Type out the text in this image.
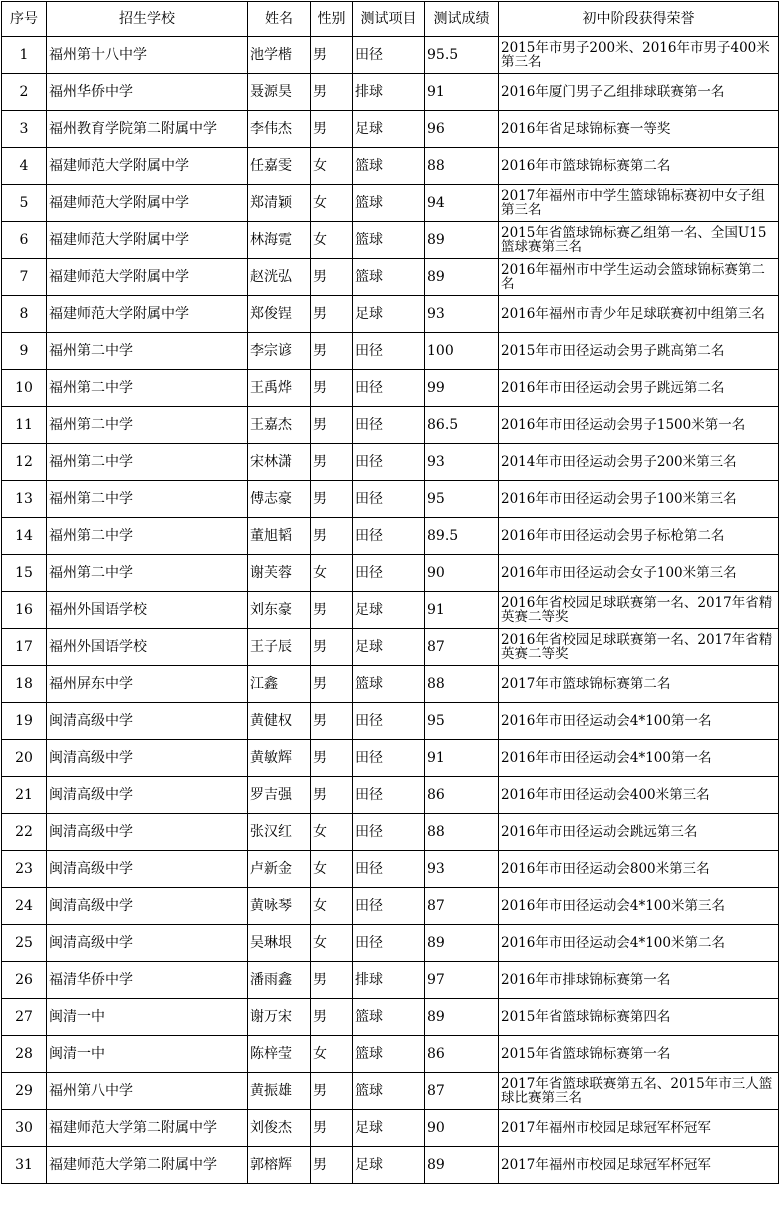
序号	招生学校	姓名	性别	测试项目	测试成绩	初中阶段获得荣誉
1	福州第十八中学	池学楷	男	田径	95.5	2015年市男子200米、2016年市男子400米第三名
2	福州华侨中学	聂源昊	男	排球	91	2016年厦门男子乙组排球联赛第一名
3	福州教育学院第二附属中学	李伟杰	男	足球	96	2016年省足球锦标赛一等奖
4	福建师范大学附属中学	任嘉雯	女	篮球	88	2016年市篮球锦标赛第二名
5	福建师范大学附属中学	郑清颖	女	篮球	94	2017年福州市中学生篮球锦标赛初中女子组第三名
6	福建师范大学附属中学	林海霓	女	篮球	89	2015年省篮球锦标赛乙组第一名、全国U15篮球赛第三名
7	福建师范大学附属中学	赵洸弘	男	篮球	89	2016年福州市中学生运动会篮球锦标赛第二名
8	福建师范大学附属中学	郑俊锃	男	足球	93	2016年福州市青少年足球联赛初中组第三名
9	福州第二中学	李宗谚	男	田径	100	2015年市田径运动会男子跳高第二名
10	福州第二中学	王禹烨	男	田径	99	2016年市田径运动会男子跳远第二名
11	福州第二中学	王嘉杰	男	田径	86.5	2016年市田径运动会男子1500米第一名
12	福州第二中学	宋林潇	男	田径	93	2014年市田径运动会男子200米第三名
13	福州第二中学	傅志豪	男	田径	95	2016年市田径运动会男子100米第三名
14	福州第二中学	董旭韬	男	田径	89.5	2016年市田径运动会男子标枪第二名
15	福州第二中学	谢芙蓉	女	田径	90	2016年市田径运动会女子100米第三名
16	福州外国语学校	刘东豪	男	足球	91	2016年省校园足球联赛第一名、2017年省精英赛二等奖
17	福州外国语学校	王子辰	男	足球	87	2016年省校园足球联赛第一名、2017年省精英赛二等奖
18	福州屏东中学	江鑫	男	篮球	88	2017年市篮球锦标赛第二名
19	闽清高级中学	黄健权	男	田径	95	2016年市田径运动会4*100第一名
20	闽清高级中学	黄敏辉	男	田径	91	2016年市田径运动会4*100第一名
21	闽清高级中学	罗吉强	男	田径	86	2016年市田径运动会400米第三名
22	闽清高级中学	张汉红	女	田径	88	2016年市田径运动会跳远第三名
23	闽清高级中学	卢新金	女	田径	93	2016年市田径运动会800米第三名
24	闽清高级中学	黄咏琴	女	田径	87	2016年市田径运动会4*100米第三名
25	闽清高级中学	吴琳垠	女	田径	89	2016年市田径运动会4*100米第二名
26	福清华侨中学	潘雨鑫	男	排球	97	2016年市排球锦标赛第一名
27	闽清一中	谢万宋	男	篮球	89	2015年省篮球锦标赛第四名
28	闽清一中	陈梓莹	女	篮球	86	2015年省篮球锦标赛第一名
29	福州第八中学	黄振雄	男	篮球	87	2017年省篮球联赛第五名、2015年市三人篮球比赛第三名
30	福建师范大学第二附属中学	刘俊杰	男	足球	90	2017年福州市校园足球冠军杯冠军
31	福建师范大学第二附属中学	郭榕辉	男	足球	89	2017年福州市校园足球冠军杯冠军
